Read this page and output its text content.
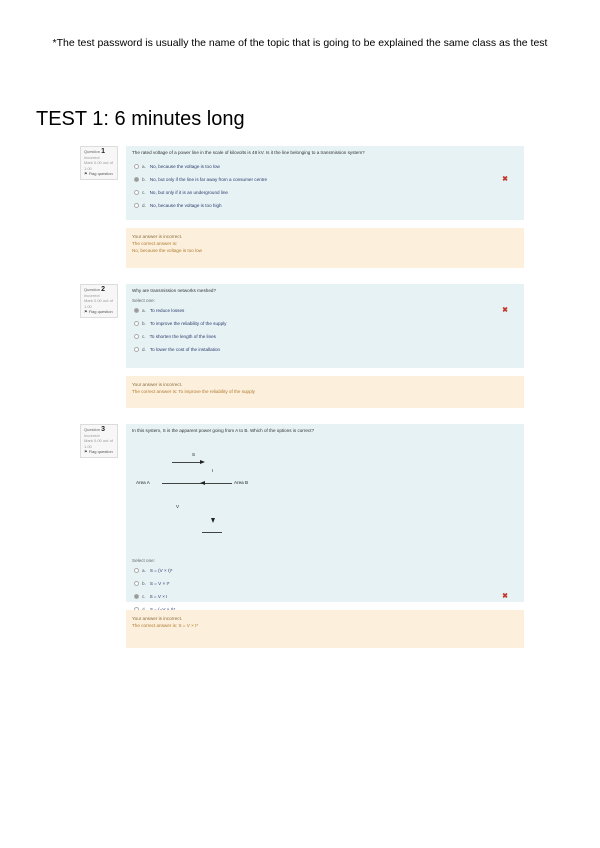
*The test password is usually the name of the topic that is going to be explained the same class as the test
TEST 1: 6 minutes long
Question 1
Incorrect
Mark 0.00 out of 1.00
⚑ Flag question
The rated voltage of a power line in the scale of kilovolts is 48 kV. Is it the line belonging to a transmission system?
a. No, because the voltage is too low
b. No, but only if the line is far away from a consumer centre	✖
c. No, but only if it is an underground line
d. No, because the voltage is too high
Your answer is incorrect.
The correct answer is:
No, because the voltage is too low
Question 2
Incorrect
Mark 0.00 out of 1.00
⚑ Flag question
Why are transmission networks meshed?
Select one:
a. To reduce losses	✖
b. To improve the reliability of the supply
c. To shorten the length of the lines
d. To lower the cost of the installation
Your answer is incorrect.
The correct answer is: To improve the reliability of the supply
Question 3
Incorrect
Mark 0.00 out of 1.00
⚑ Flag question
In this system, S is the apparent power going from A to B. Which of the options is correct?
S
I
Area A	Area B
V
Select one:
a. S = (V × I)*
b. S = V × I*
c. S = V × I	✖
Your answer is incorrect.
The correct answer is: S = V × I*
